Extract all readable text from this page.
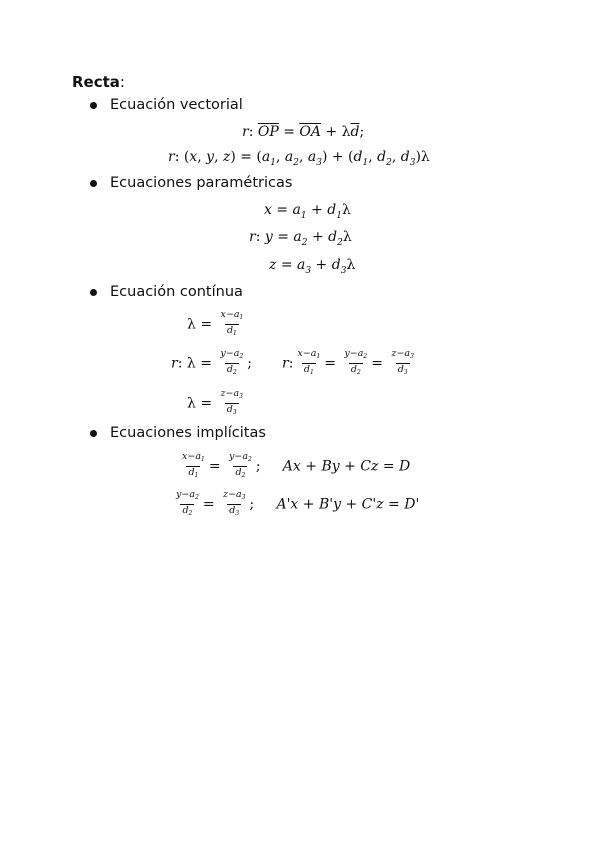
Recta:
Ecuación vectorial
r: $\overline{OP} = \overline{OA} + \lambda\overline{d}$;
r: (x, y, $z) = (a_1$, $a_2$, $a_3) + (d_1$, $d_2$, $d_3)\lambda$
Ecuaciones paramétricas
$x = a_1 + d_1\lambda$
r: $y = a_2 + d_2\lambda$
$z = a_3 + d_3\lambda$
Ecuación contínua
$\lambda = \frac{x-a_1}{d_1}$
r: $\lambda = \frac{y-a_2}{d_2}$ ; r: $\frac{x-a_1}{d_1} = \frac{y-a_2}{d_2} = \frac{z-a_3}{d_3}$
$\lambda = \frac{z-a_3}{d_3}$
Ecuaciones implícitas
$\frac{x-a_1}{d_1} = \frac{y-a_2}{d_2}$ ;     Ax + By + Cz = D
$\frac{y-a_2}{d_2} = \frac{z-a_3}{d_3}$ ;     A'x + B'y + C'z = D'
